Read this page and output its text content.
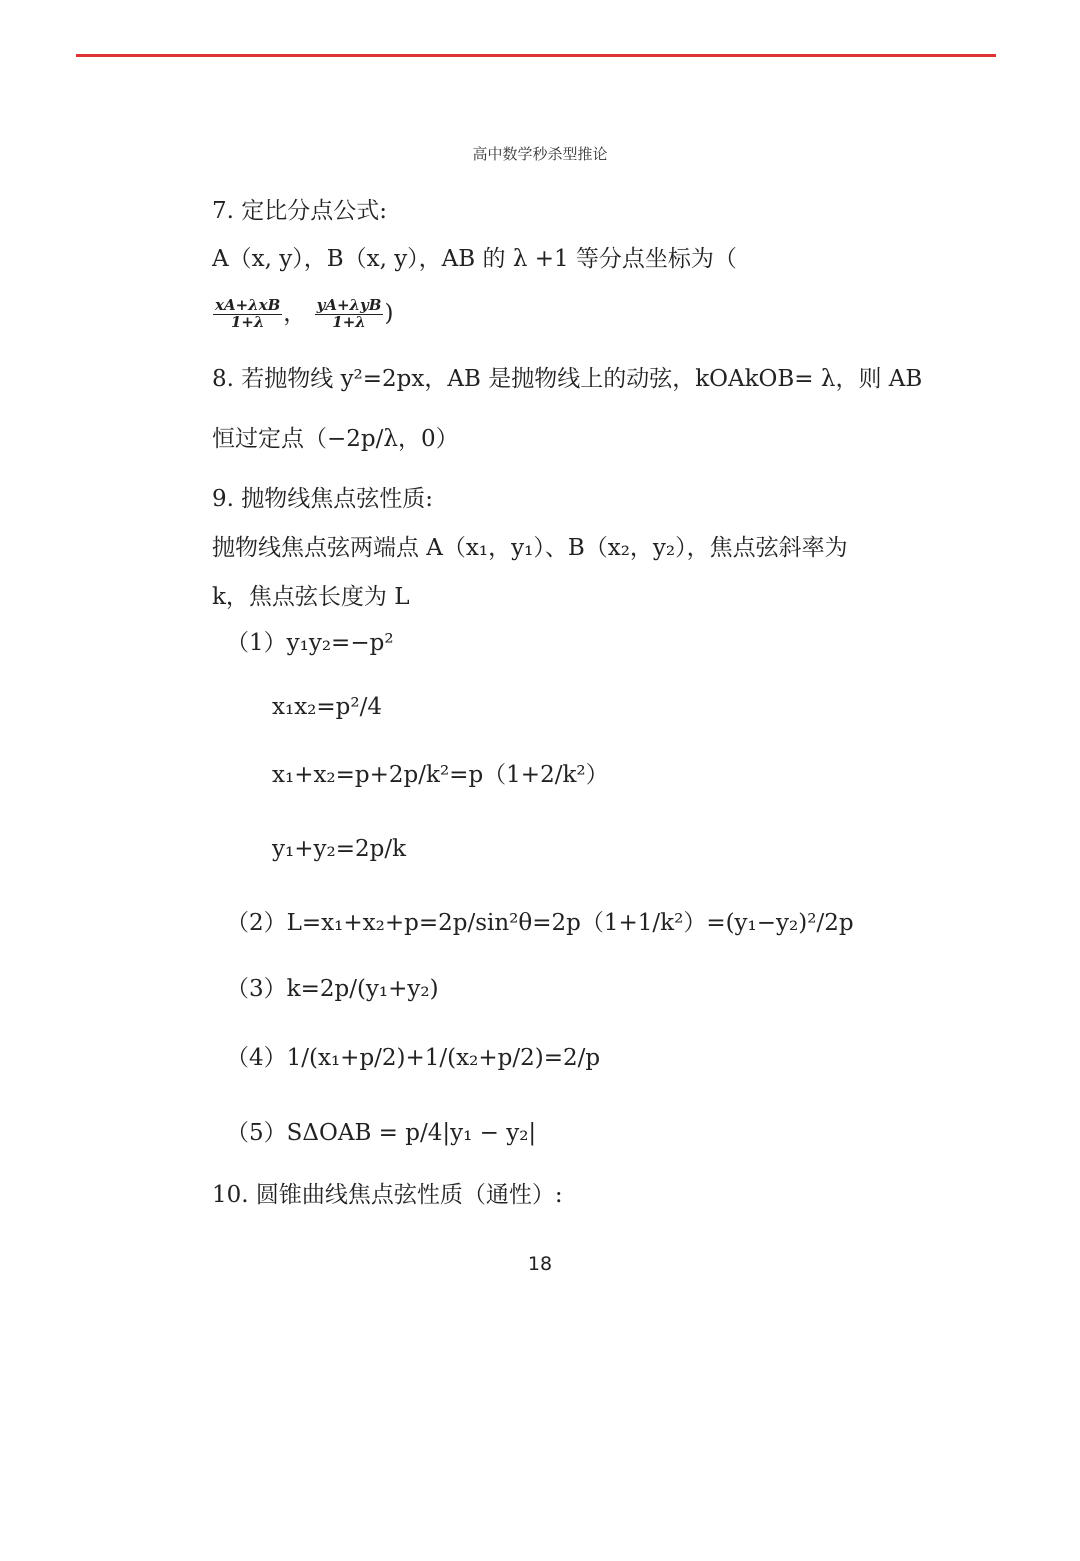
高中数学秒杀型推论
7. 定比分点公式:
A（x, y），B（x, y），AB 的 λ +1 等分点坐标为（
$\frac{\text{xA+λxB}}{1+\lambda}$ ， $\frac{\text{yA+λyB}}{1+\lambda}$ )
8. 若抛物线 y²=2px，AB 是抛物线上的动弦，kOAkOB= λ，则 AB
恒过定点（−2p/λ，0）
9. 抛物线焦点弦性质:
抛物线焦点弦两端点 A（x₁，y₁）、B（x₂，y₂），焦点弦斜率为
k，焦点弦长度为 L
（1）y₁y₂=−p²
x₁x₂=p²/4
x₁+x₂=p+2p/k²=p（1+2/k²）
y₁+y₂=2p/k
（2）L=x₁+x₂+p=2p/sin²θ=2p（1+1/k²）=(y₁−y₂)²/2p
（3）k=2p/(y₁+y₂)
（4）1/(x₁+p/2)+1/(x₂+p/2)=2/p
（5）SΔOAB = p/4|y₁ − y₂|
10. 圆锥曲线焦点弦性质（通性）:
18
